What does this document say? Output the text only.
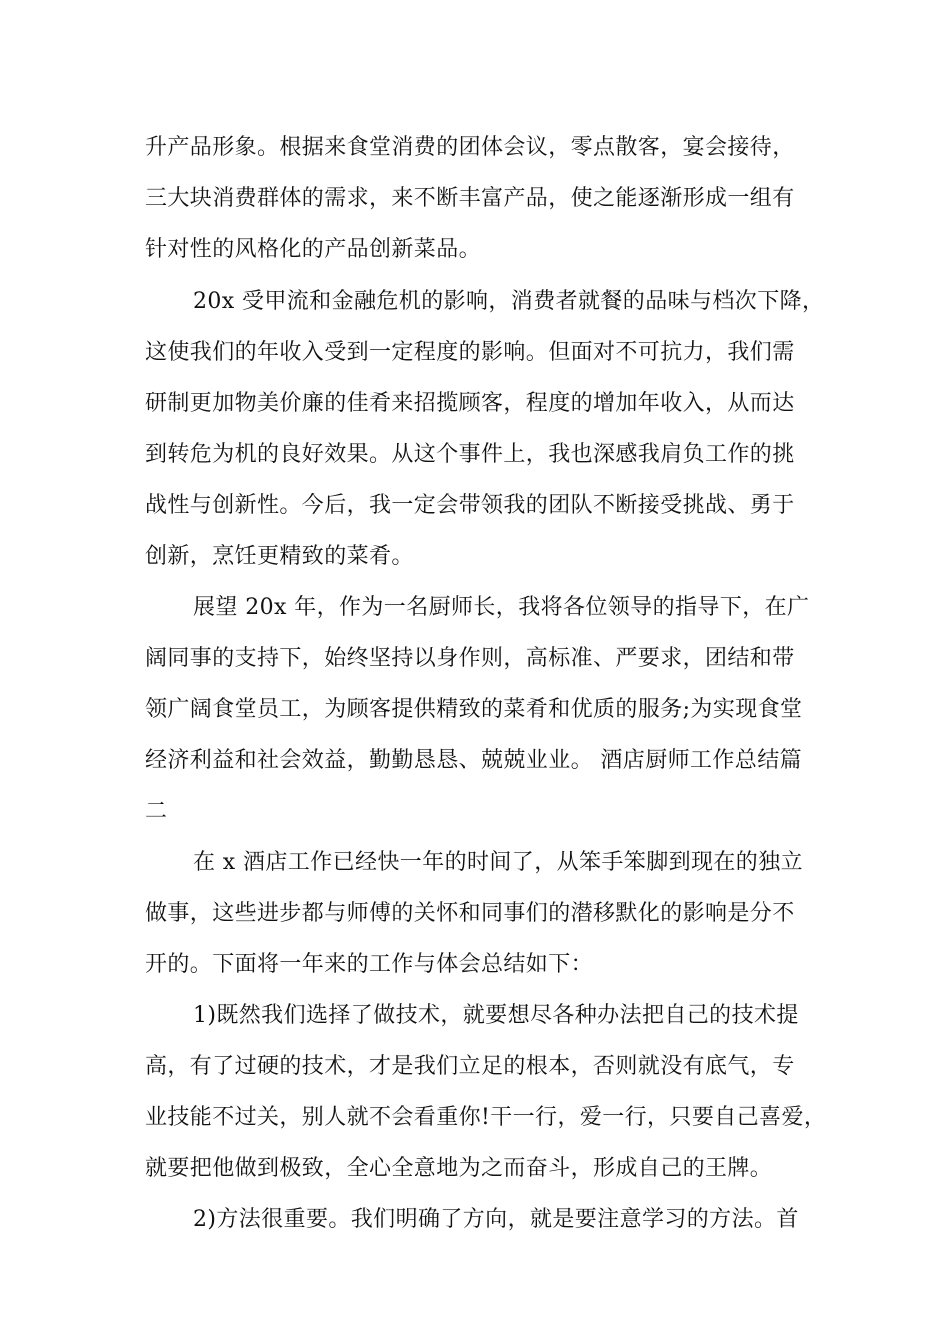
升产品形象。根据来食堂消费的团体会议，零点散客，宴会接待，

三大块消费群体的需求，来不断丰富产品，使之能逐渐形成一组有

针对性的风格化的产品创新菜品。

20x 受甲流和金融危机的影响，消费者就餐的品味与档次下降，

这使我们的年收入受到一定程度的影响。但面对不可抗力，我们需

研制更加物美价廉的佳肴来招揽顾客，程度的增加年收入，从而达

到转危为机的良好效果。从这个事件上，我也深感我肩负工作的挑

战性与创新性。今后，我一定会带领我的团队不断接受挑战、勇于

创新，烹饪更精致的菜肴。

展望 20x 年，作为一名厨师长，我将各位领导的指导下，在广

阔同事的支持下，始终坚持以身作则，高标准、严要求，团结和带

领广阔食堂员工，为顾客提供精致的菜肴和优质的服务;为实现食堂

经济利益和社会效益，勤勤恳恳、兢兢业业。 酒店厨师工作总结篇

二

在 x 酒店工作已经快一年的时间了，从笨手笨脚到现在的独立

做事，这些进步都与师傅的关怀和同事们的潜移默化的影响是分不

开的。下面将一年来的工作与体会总结如下：

1)既然我们选择了做技术，就要想尽各种办法把自己的技术提

高，有了过硬的技术，才是我们立足的根本，否则就没有底气，专

业技能不过关，别人就不会看重你!干一行，爱一行，只要自己喜爱，

就要把他做到极致，全心全意地为之而奋斗，形成自己的王牌。

2)方法很重要。我们明确了方向，就是要注意学习的方法。首
